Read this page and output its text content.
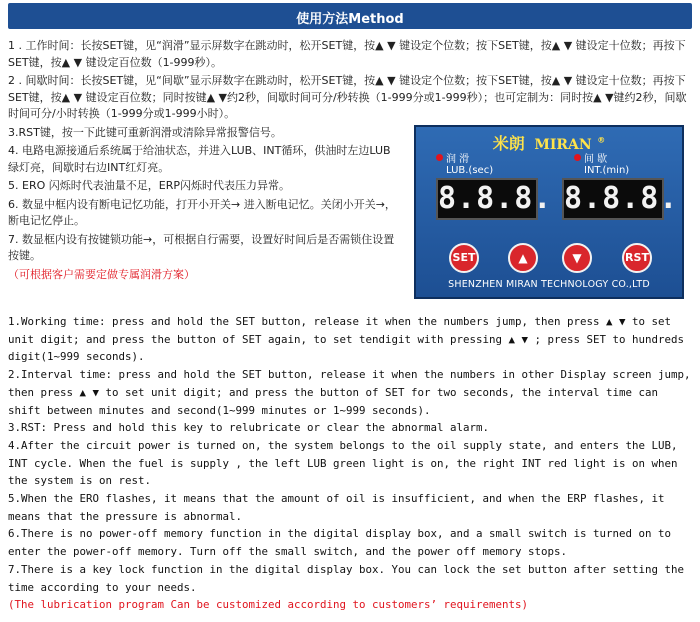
使用方法Method

1 . 工作时间：长按SET键，见“润滑”显示屏数字在跳动时，松开SET键，按▲ ▼ 键设定个位数；按下SET键，按▲ ▼ 键设定十位数；再按下SET键，按▲ ▼ 键设定百位数（1-999秒）。

2 . 间歇时间：长按SET键，见“间歇”显示屏数字在跳动时，松开SET键，按▲ ▼ 键设定个位数；按下SET键，按▲ ▼ 键设定十位数；再按下SET键，按▲ ▼ 键设定百位数；同时按键▲ ▼约2秒，间歇时间可分/秒转换（1-999分或1-999秒）；也可定制为：同时按▲ ▼键约2秒，间歇时间可分/小时转换（1-999分或1-999小时）。

3.RST键，按一下此键可重新润滑或清除异常报警信号。

4. 电路电源接通后系统属于给油状态，并进入LUB、INT循环，供油时左边LUB绿灯亮，间歇时右边INT红灯亮。

5. ERO 闪烁时代表油量不足，ERP闪烁时代表压力异常。

6. 数显中框内设有断电记忆功能，打开小开关→ 进入断电记忆。关闭小开关→，断电记忆停止。

7. 数显框内设有按键锁功能→，可根据自行需要，设置好时间后是否需锁住设置按键。

（可根据客户需要定做专属润滑方案）

米朗 MIRAN ®
润 滑
LUB.(sec)
间 歇
INT.(min)
8.8.8. 8.8.8.
SET	▲	▼	RST
SHENZHEN MIRAN TECHNOLOGY CO.,LTD

1.Working time: press and hold the SET button, release it when the numbers jump, then press ▲ ▼ to set unit digit; and press the button of SET again, to set tendigit with pressing ▲ ▼ ; press SET to hundreds digit(1~999 seconds).

2.Interval time: press and hold the SET button, release it when the numbers in other Display screen jump, then press ▲ ▼ to set unit digit; and press the button of SET for two seconds, the interval time can shift between minutes and second(1~999 minutes or 1~999 seconds).

3.RST: Press and hold this key to relubricate or clear the abnormal alarm.

4.After the circuit power is turned on, the system belongs to the oil supply state, and enters the LUB, INT cycle. When the fuel is supply , the left LUB green light is on, the right INT red light is on when the system is on rest.

5.When the ERO flashes, it means that the amount of oil is insufficient, and when the ERP flashes, it means that the pressure is abnormal.

6.There is no power-off memory function in the digital display box, and a small switch is turned on to enter the power-off memory. Turn off the small switch, and the power off memory stops.

7.There is a key lock function in the digital display box. You can lock the set button after setting the time according to your needs.

(The lubrication program Can be customized according to customers’ requirements)
